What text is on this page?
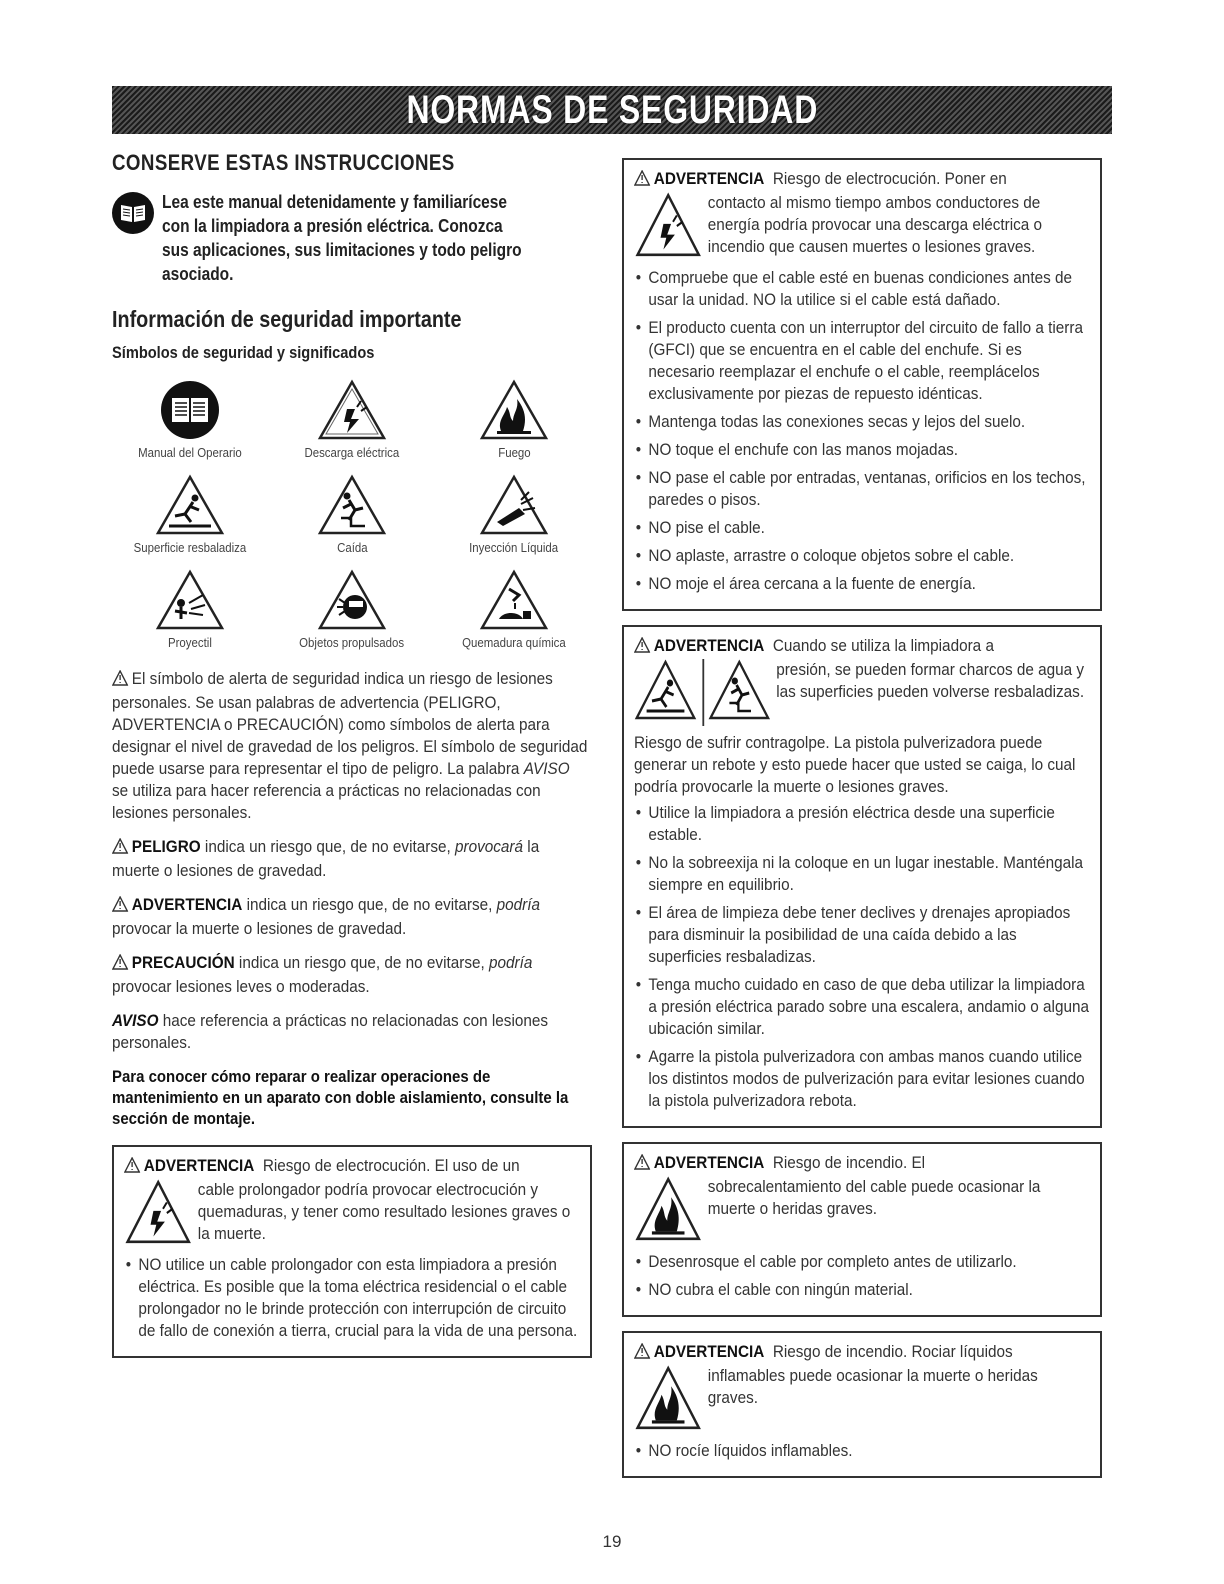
NORMAS DE SEGURIDAD
CONSERVE ESTAS INSTRUCCIONES
Lea este manual detenidamente y familiarícese con la limpiadora a presión eléctrica. Conozca sus aplicaciones, sus limitaciones y todo peligro asociado.
Información de seguridad importante
Símbolos de seguridad y significados
Manual del Operario	Descarga eléctrica	Fuego
Superficie resbaladiza	Caída	Inyección Líquida
Proyectil	Objetos propulsados	Quemadura química

El símbolo de alerta de seguridad indica un riesgo de lesiones personales. Se usan palabras de advertencia (PELIGRO, ADVERTENCIA o PRECAUCIÓN) como símbolos de alerta para designar el nivel de gravedad de los peligros. El símbolo de seguridad puede usarse para representar el tipo de peligro. La palabra AVISO se utiliza para hacer referencia a prácticas no relacionadas con lesiones personales.

PELIGRO indica un riesgo que, de no evitarse, provocará la muerte o lesiones de gravedad.

ADVERTENCIA indica un riesgo que, de no evitarse, podría provocar la muerte o lesiones de gravedad.

PRECAUCIÓN indica un riesgo que, de no evitarse, podría provocar lesiones leves o moderadas.

AVISO hace referencia a prácticas no relacionadas con lesiones personales.

Para conocer cómo reparar o realizar operaciones de mantenimiento en un aparato con doble aislamiento, consulte la sección de montaje.
ADVERTENCIA Riesgo de electrocución. El uso de un
cable prolongador podría provocar electrocución y quemaduras, y tener como resultado lesiones graves o la muerte.
• NO utilice un cable prolongador con esta limpiadora a presión eléctrica. Es posible que la toma eléctrica residencial o el cable prolongador no le brinde protección con interrupción de circuito de fallo de conexión a tierra, crucial para la vida de una persona.
ADVERTENCIA Riesgo de electrocución. Poner en
contacto al mismo tiempo ambos conductores de energía podría provocar una descarga eléctrica o incendio que causen muertes o lesiones graves.
• Compruebe que el cable esté en buenas condiciones antes de usar la unidad. NO la utilice si el cable está dañado.
• El producto cuenta con un interruptor del circuito de fallo a tierra (GFCI) que se encuentra en el cable del enchufe. Si es necesario reemplazar el enchufe o el cable, reemplácelos exclusivamente por piezas de repuesto idénticas.
• Mantenga todas las conexiones secas y lejos del suelo.
• NO toque el enchufe con las manos mojadas.
• NO pase el cable por entradas, ventanas, orificios en los techos, paredes o pisos.
• NO pise el cable.
• NO aplaste, arrastre o coloque objetos sobre el cable.
• NO moje el área cercana a la fuente de energía.
ADVERTENCIA Cuando se utiliza la limpiadora a
presión, se pueden formar charcos de agua y las superficies pueden volverse resbaladizas.
Riesgo de sufrir contragolpe. La pistola pulverizadora puede generar un rebote y esto puede hacer que usted se caiga, lo cual podría provocarle la muerte o lesiones graves.
• Utilice la limpiadora a presión eléctrica desde una superficie estable.
• No la sobreexija ni la coloque en un lugar inestable. Manténgala siempre en equilibrio.
• El área de limpieza debe tener declives y drenajes apropiados para disminuir la posibilidad de una caída debido a las superficies resbaladizas.
• Tenga mucho cuidado en caso de que deba utilizar la limpiadora a presión eléctrica parado sobre una escalera, andamio o alguna ubicación similar.
• Agarre la pistola pulverizadora con ambas manos cuando utilice los distintos modos de pulverización para evitar lesiones cuando la pistola pulverizadora rebota.
ADVERTENCIA Riesgo de incendio. El
sobrecalentamiento del cable puede ocasionar la muerte o heridas graves.
• Desenrosque el cable por completo antes de utilizarlo.
• NO cubra el cable con ningún material.
ADVERTENCIA Riesgo de incendio. Rociar líquidos
inflamables puede ocasionar la muerte o heridas graves.
• NO rocíe líquidos inflamables.
19
